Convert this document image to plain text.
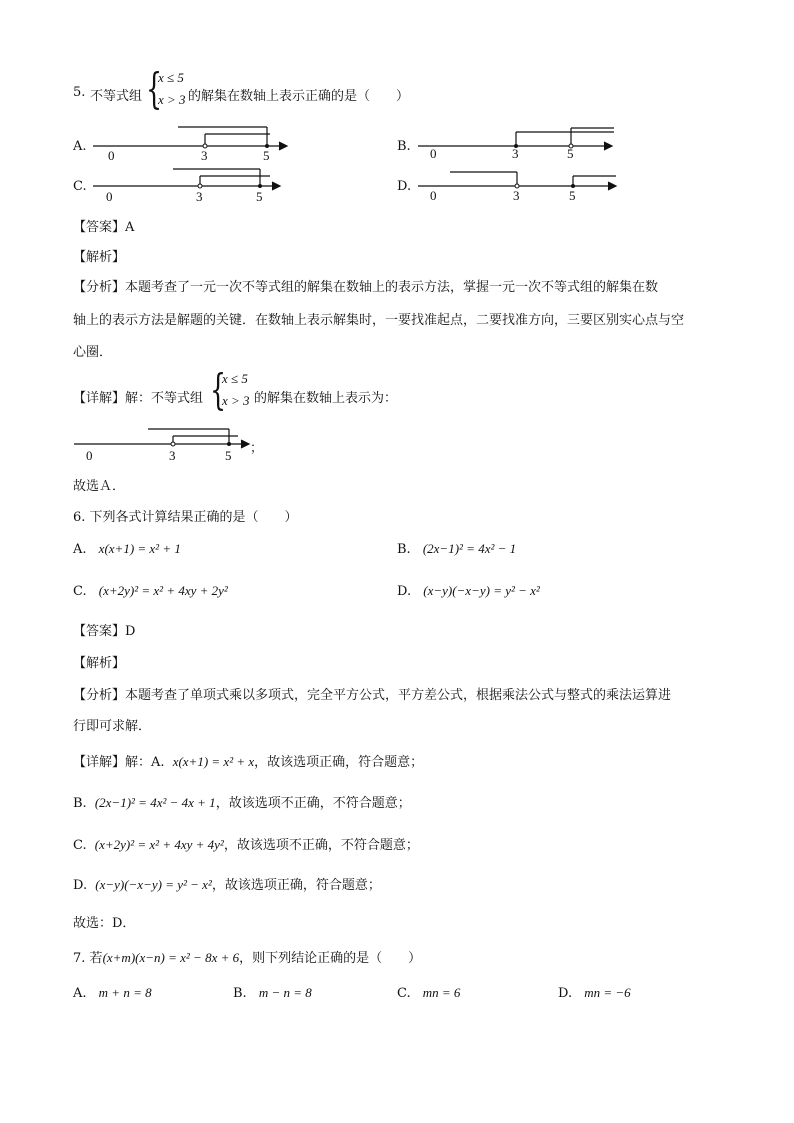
5. 不等式组 {
x ≤ 5
x > 3 的解集在数轴上表示正确的是（　　）
A.	B.
C.	D.
0	3	5	0	3	5
0	3	5	0	3	5
【答案】A
【解析】
【分析】本题考查了一元一次不等式组的解集在数轴上的表示方法，掌握一元一次不等式组的解集在数
轴上的表示方法是解题的关键．在数轴上表示解集时，一要找准起点，二要找准方向，三要区别实心点与空
心圈．
【详解】解：不等式组 {
x ≤ 5
x > 3 的解集在数轴上表示为：
0	3	5 ；
故选Ａ．
6. 下列各式计算结果正确的是（　　）
A. x(x+1) = x² + 1	B. (2x−1)² = 4x² − 1
C. (x+2y)² = x² + 4xy + 2y²	D. (x−y)(−x−y) = y² − x²
【答案】D
【解析】
【分析】本题考查了单项式乘以多项式，完全平方公式，平方差公式，根据乘法公式与整式的乘法运算进
行即可求解．
【详解】解：A. x(x+1) = x² + x，故该选项正确，符合题意；
B. (2x−1)² = 4x² − 4x + 1，故该选项不正确，不符合题意；
C. (x+2y)² = x² + 4xy + 4y²，故该选项不正确，不符合题意；
D. (x−y)(−x−y) = y² − x²，故该选项正确，符合题意；
故选：D．
7. 若(x+m)(x−n) = x² − 8x + 6，则下列结论正确的是（　　）
A. m + n = 8	B. m − n = 8	C. mn = 6	D. mn = −6
